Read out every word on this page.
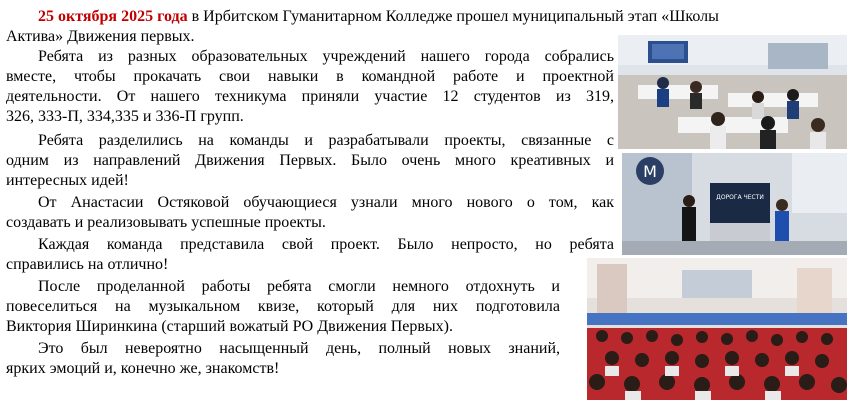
25 октября 2025 года в Ирбитском Гуманитарном Колледже прошел муниципальный этап «Школы
Актива» Движения первых.
Ребята из разных образовательных учреждений нашего города собрались
вместе, чтобы прокачать свои навыки в командной работе и проектной
деятельности. От нашего техникума приняли участие 12 студентов из 319,
326, 333-П, 334,335 и 336-П групп.
Ребята разделились на команды и разрабатывали проекты, связанные с
одним из направлений Движения Первых. Было очень много креативных и
интересных идей!
От Анастасии Остяковой обучающиеся узнали много нового о том, как
создавать и реализовывать успешные проекты.
Каждая команда представила свой проект. Было непросто, но ребята
справились на отлично!
После проделанной работы ребята смогли немного отдохнуть и
повеселиться на музыкальном квизе, который для них подготовила
Виктория Ширинкина (старший вожатый РО Движения Первых).
Это был невероятно насыщенный день, полный новых знаний,
ярких эмоций и, конечно же, знакомств!
M
ДОРОГА ЧЕСТИ
